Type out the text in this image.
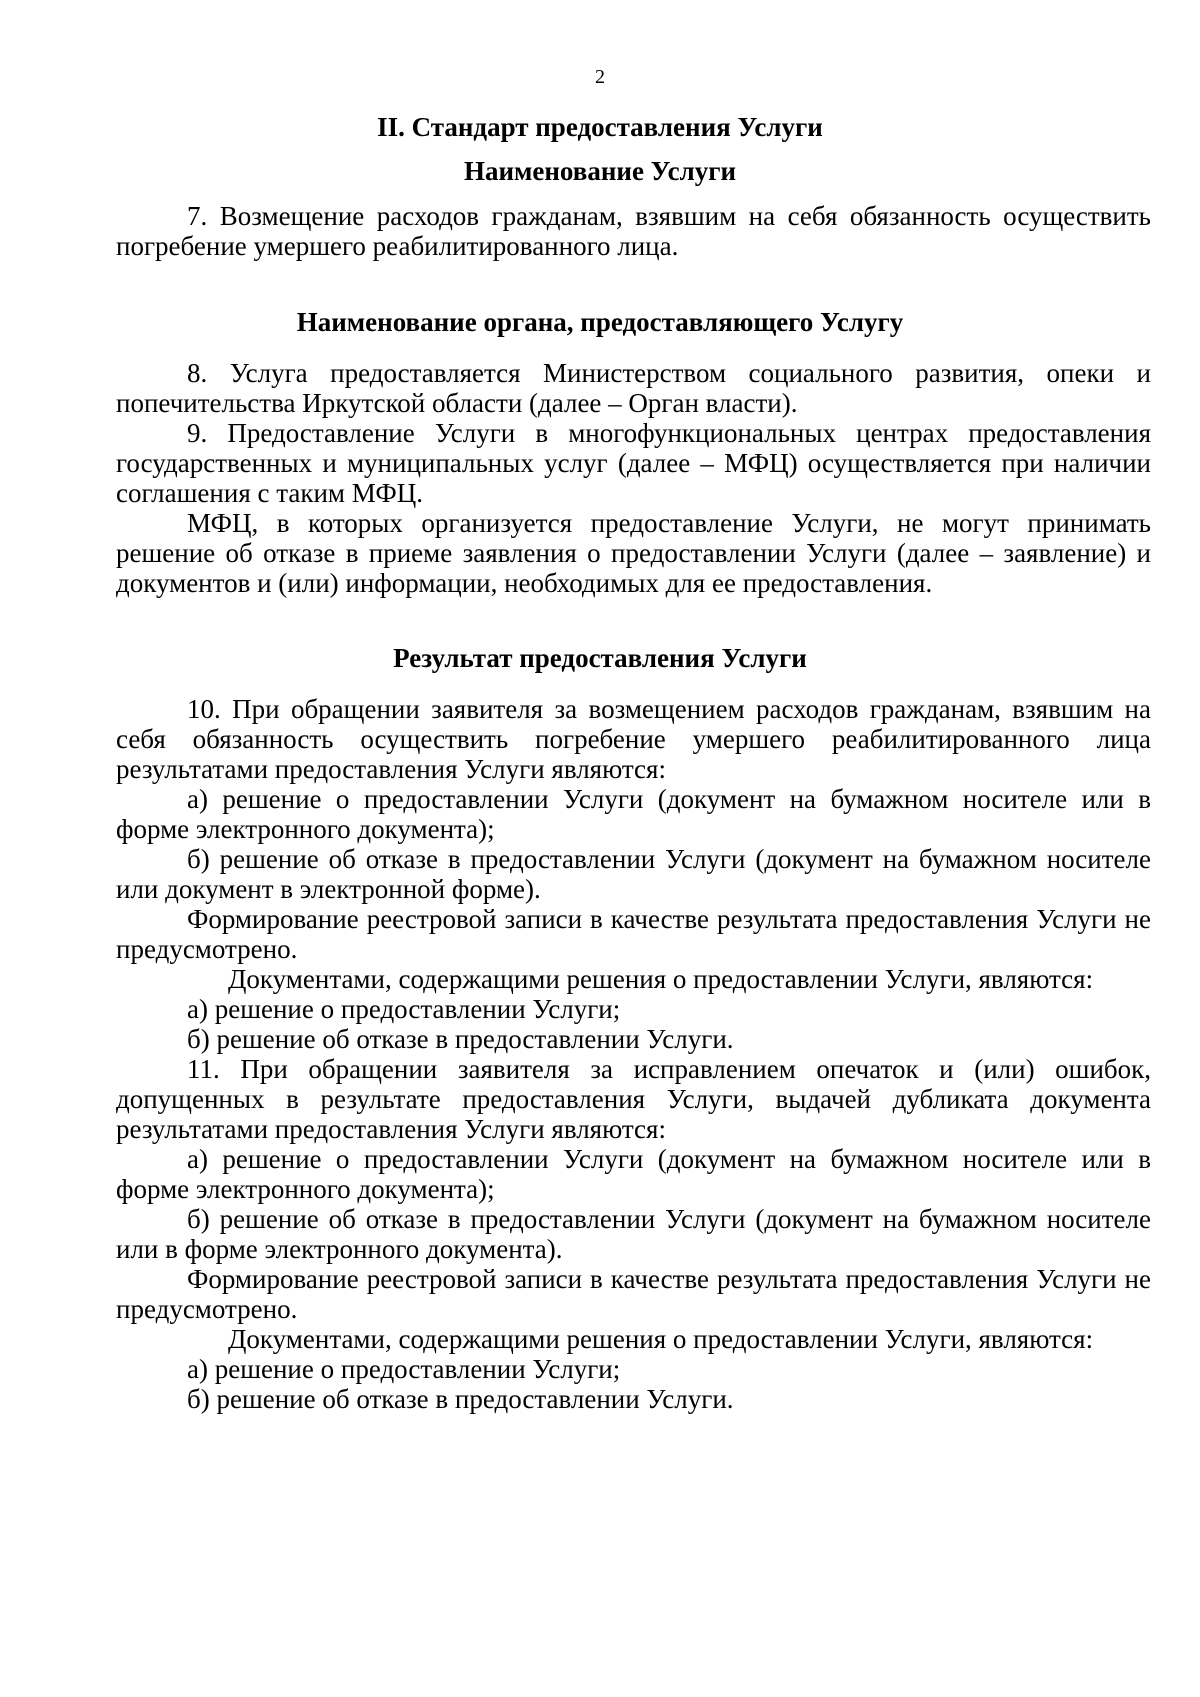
2
II. Стандарт предоставления Услуги
Наименование Услуги
7. Возмещение расходов гражданам, взявшим на себя обязанность осуществить погребение умершего реабилитированного лица.
Наименование органа, предоставляющего Услугу
8. Услуга предоставляется Министерством социального развития, опеки и попечительства Иркутской области (далее – Орган власти).
9. Предоставление Услуги в многофункциональных центрах предоставления государственных и муниципальных услуг (далее – МФЦ) осуществляется при наличии соглашения с таким МФЦ.
МФЦ, в которых организуется предоставление Услуги, не могут принимать решение об отказе в приеме заявления о предоставлении Услуги (далее – заявление) и документов и (или) информации, необходимых для ее предоставления.
Результат предоставления Услуги
10. При обращении заявителя за возмещением расходов гражданам, взявшим на себя обязанность осуществить погребение умершего реабилитированного лица результатами предоставления Услуги являются:
а) решение о предоставлении Услуги (документ на бумажном носителе или в форме электронного документа);
б) решение об отказе в предоставлении Услуги (документ на бумажном носителе или документ в электронной форме).
Формирование реестровой записи в качестве результата предоставления Услуги не предусмотрено.
Документами, содержащими решения о предоставлении Услуги, являются:
а) решение о предоставлении Услуги;
б) решение об отказе в предоставлении Услуги.
11. При обращении заявителя за исправлением опечаток и (или) ошибок, допущенных в результате предоставления Услуги, выдачей дубликата документа результатами предоставления Услуги являются:
а) решение о предоставлении Услуги (документ на бумажном носителе или в форме электронного документа);
б) решение об отказе в предоставлении Услуги (документ на бумажном носителе или в форме электронного документа).
Формирование реестровой записи в качестве результата предоставления Услуги не предусмотрено.
Документами, содержащими решения о предоставлении Услуги, являются:
а) решение о предоставлении Услуги;
б) решение об отказе в предоставлении Услуги.
